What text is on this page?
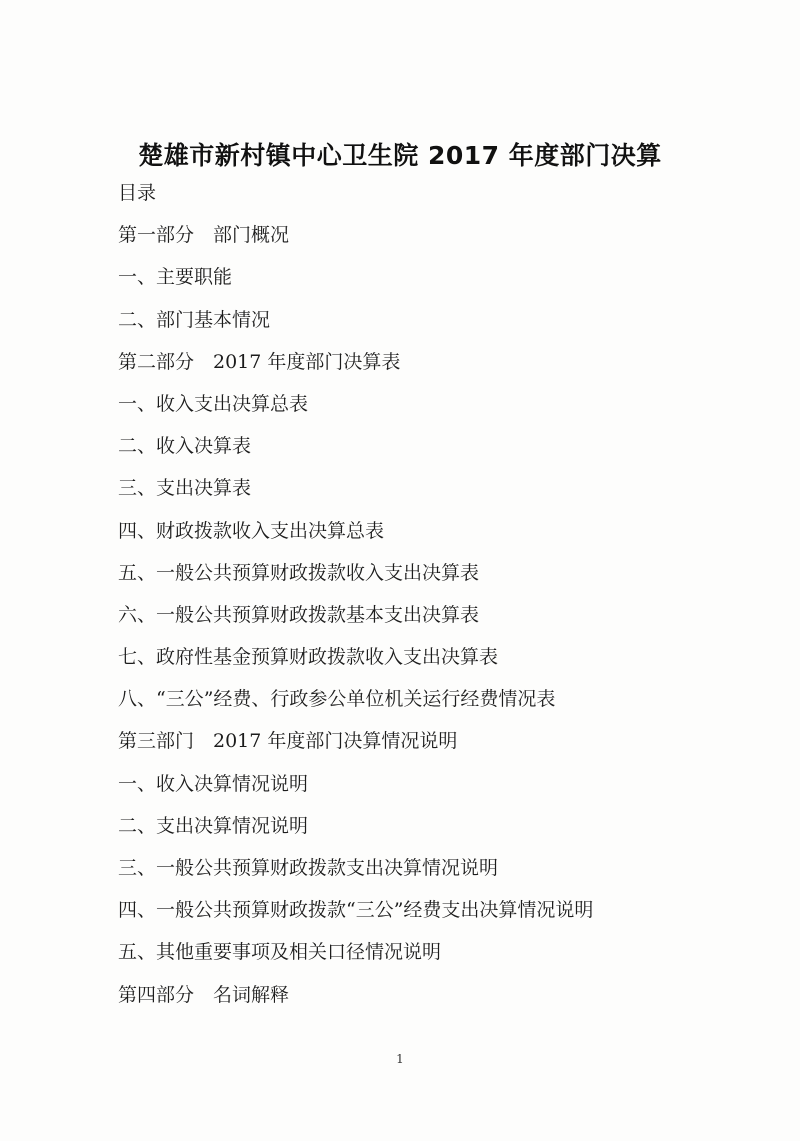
楚雄市新村镇中心卫生院 2017 年度部门决算
目录
第一部分　部门概况
一、主要职能
二、部门基本情况
第二部分　2017 年度部门决算表
一、收入支出决算总表
二、收入决算表
三、支出决算表
四、财政拨款收入支出决算总表
五、一般公共预算财政拨款收入支出决算表
六、一般公共预算财政拨款基本支出决算表
七、政府性基金预算财政拨款收入支出决算表
八、“三公”经费、行政参公单位机关运行经费情况表
第三部门　2017 年度部门决算情况说明
一、收入决算情况说明
二、支出决算情况说明
三、一般公共预算财政拨款支出决算情况说明
四、一般公共预算财政拨款“三公”经费支出决算情况说明
五、其他重要事项及相关口径情况说明
第四部分　名词解释
1
